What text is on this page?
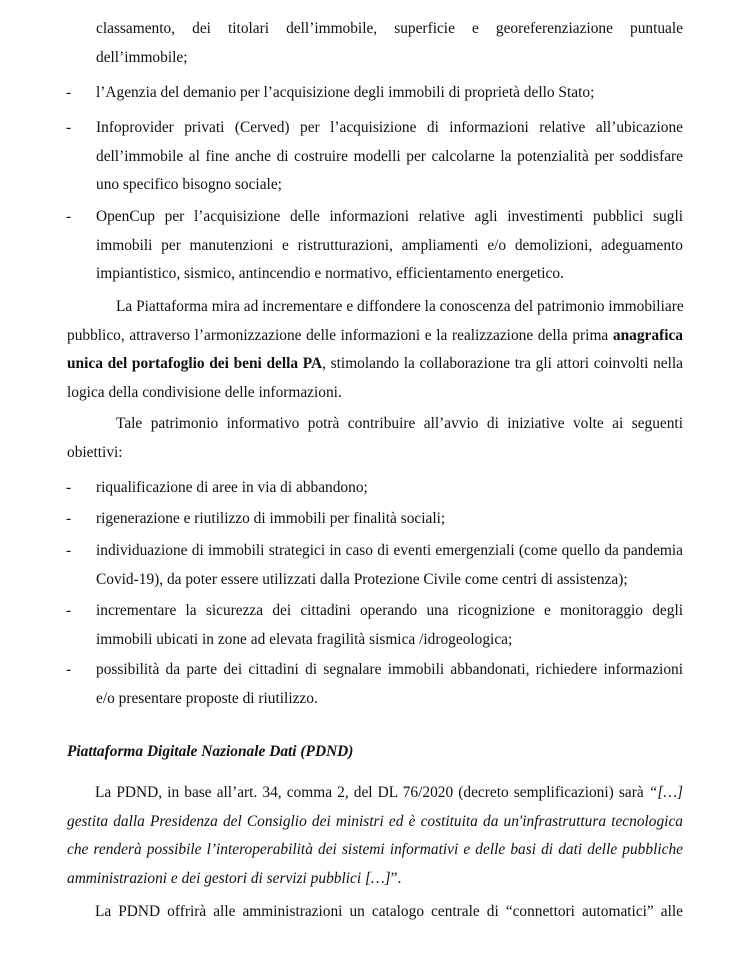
classamento, dei titolari dell’immobile, superficie e georeferenziazione puntuale
dell’immobile;
- l’Agenzia del demanio per l’acquisizione degli immobili di proprietà dello Stato;
- Infoprovider privati (Cerved) per l’acquisizione di informazioni relative all’ubicazione
dell’immobile al fine anche di costruire modelli per calcolarne la potenzialità per soddisfare
uno specifico bisogno sociale;
- OpenCup per l’acquisizione delle informazioni relative agli investimenti pubblici sugli
immobili per manutenzioni e ristrutturazioni, ampliamenti e/o demolizioni, adeguamento
impiantistico, sismico, antincendio e normativo, efficientamento energetico.
La Piattaforma mira ad incrementare e diffondere la conoscenza del patrimonio immobiliare
pubblico, attraverso l’armonizzazione delle informazioni e la realizzazione della prima anagrafica
unica del portafoglio dei beni della PA, stimolando la collaborazione tra gli attori coinvolti nella
logica della condivisione delle informazioni.
Tale patrimonio informativo potrà contribuire all’avvio di iniziative volte ai seguenti
obiettivi:
- riqualificazione di aree in via di abbandono;
- rigenerazione e riutilizzo di immobili per finalità sociali;
- individuazione di immobili strategici in caso di eventi emergenziali (come quello da pandemia
Covid-19), da poter essere utilizzati dalla Protezione Civile come centri di assistenza);
- incrementare la sicurezza dei cittadini operando una ricognizione e monitoraggio degli
immobili ubicati in zone ad elevata fragilità sismica /idrogeologica;
- possibilità da parte dei cittadini di segnalare immobili abbandonati, richiedere informazioni
e/o presentare proposte di riutilizzo.
Piattaforma Digitale Nazionale Dati (PDND)
La PDND, in base all’art. 34, comma 2, del DL 76/2020 (decreto semplificazioni) sarà “[…]
gestita dalla Presidenza del Consiglio dei ministri ed è costituita da un'infrastruttura tecnologica
che renderà possibile l’interoperabilità dei sistemi informativi e delle basi di dati delle pubbliche
amministrazioni e dei gestori di servizi pubblici […]”.
La PDND offrirà alle amministrazioni un catalogo centrale di “connettori automatici” alle
